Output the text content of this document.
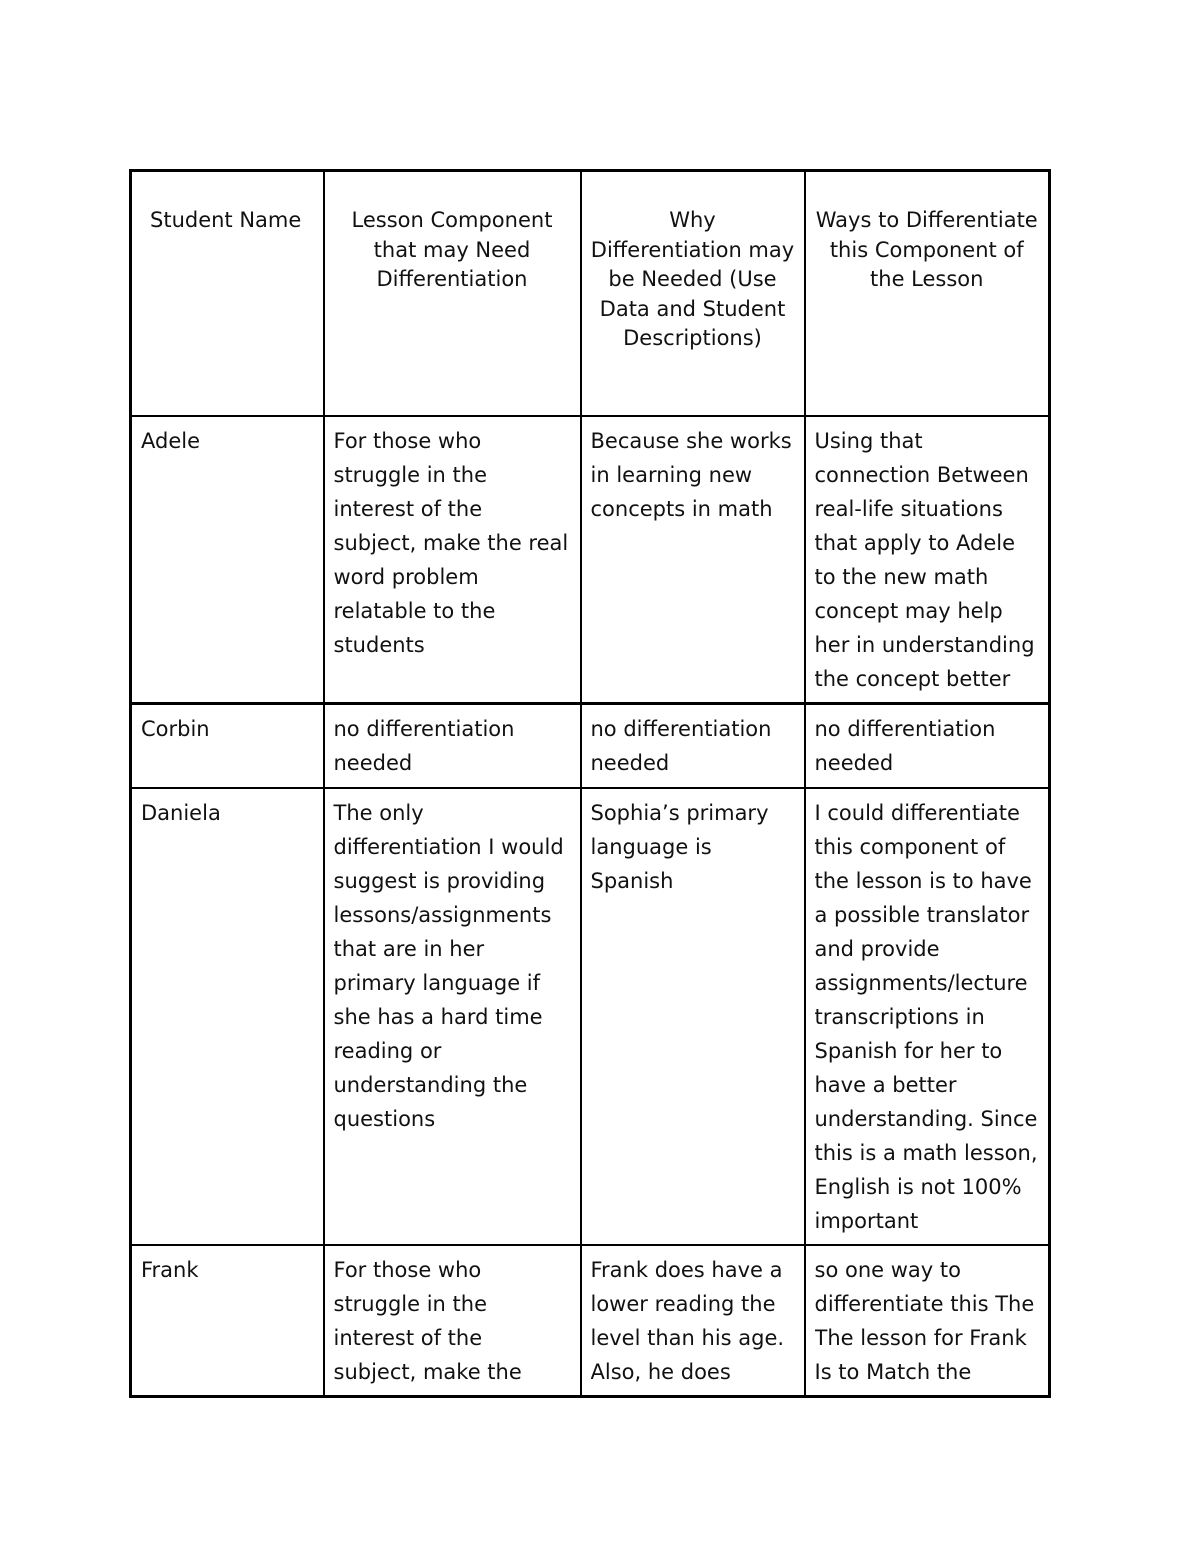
Student Name	Lesson Component that may Need Differentiation	Why Differentiation may be Needed (Use Data and Student Descriptions)	Ways to Differentiate this Component of the Lesson
Adele	For those who struggle in the interest of the subject, make the real word problem relatable to the students	Because she works in learning new concepts in math	Using that connection Between real-life situations that apply to Adele to the new math concept may help her in understanding the concept better
Corbin	no differentiation needed	no differentiation needed	no differentiation needed
Daniela	The only differentiation I would suggest is providing lessons/assignments that are in her primary language if she has a hard time reading or understanding the questions	Sophia’s primary language is Spanish	I could differentiate this component of the lesson is to have a possible translator and provide assignments/lecture transcriptions in Spanish for her to have a better understanding. Since this is a math lesson, English is not 100% important

Frank	For those who struggle in the interest of the subject, make the	Frank does have a lower reading the level than his age. Also, he does	so one way to differentiate this The The lesson for Frank Is to Match the
